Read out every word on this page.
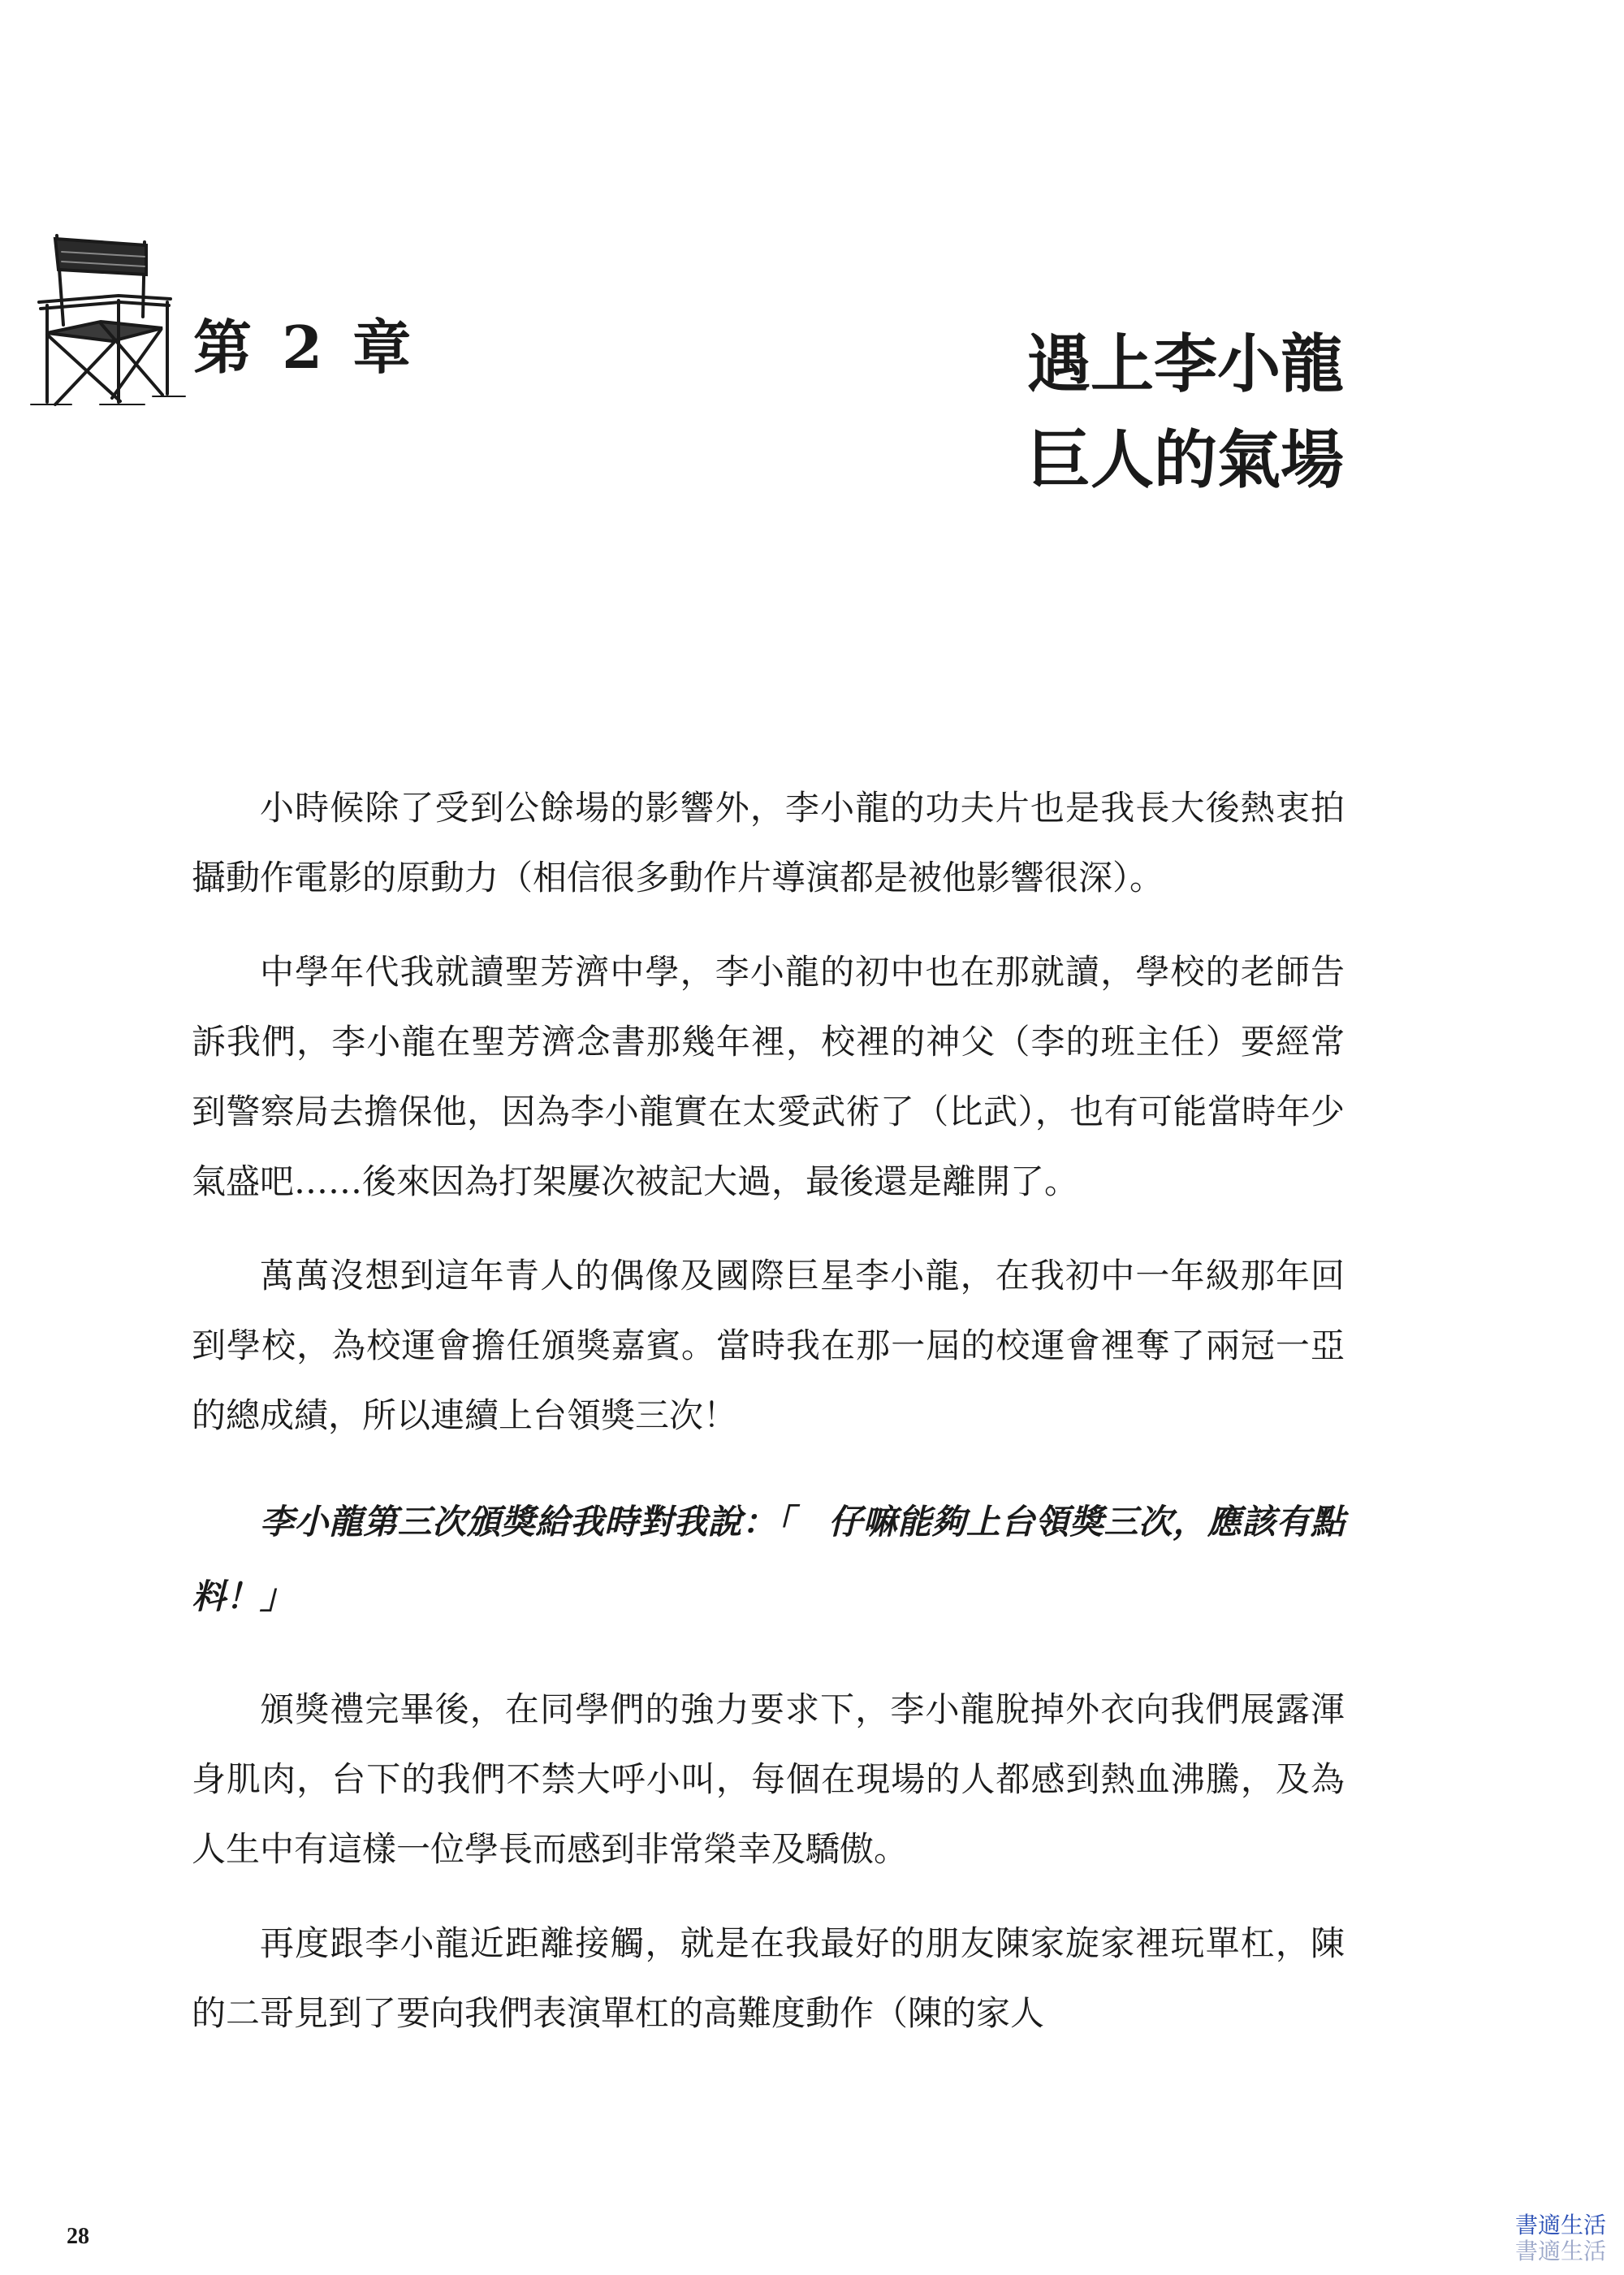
第 2 章	遇上李小龍
巨人的氣場

小時候除了受到公餘場的影響外，李小龍的功夫片也是我長大後熱衷拍攝動作電影的原動力（相信很多動作片導演都是被他影響很深）。

中學年代我就讀聖芳濟中學，李小龍的初中也在那就讀，學校的老師告訴我們，李小龍在聖芳濟念書那幾年裡，校裡的神父（李的班主任）要經常到警察局去擔保他，因為李小龍實在太愛武術了（比武），也有可能當時年少氣盛吧……後來因為打架屢次被記大過，最後還是離開了。

萬萬沒想到這年青人的偶像及國際巨星李小龍，在我初中一年級那年回到學校，為校運會擔任頒獎嘉賓。當時我在那一屆的校運會裡奪了兩冠一亞的總成績，所以連續上台領獎三次！

李小龍第三次頒獎給我時對我說：「　仔嘛能夠上台領獎三次，應該有點料！」

頒獎禮完畢後，在同學們的強力要求下，李小龍脫掉外衣向我們展露渾身肌肉，台下的我們不禁大呼小叫，每個在現場的人都感到熱血沸騰，及為人生中有這樣一位學長而感到非常榮幸及驕傲。

再度跟李小龍近距離接觸，就是在我最好的朋友陳家旋家裡玩單杠，陳的二哥見到了要向我們表演單杠的高難度動作（陳的家人

28	書適生活
書適生活
